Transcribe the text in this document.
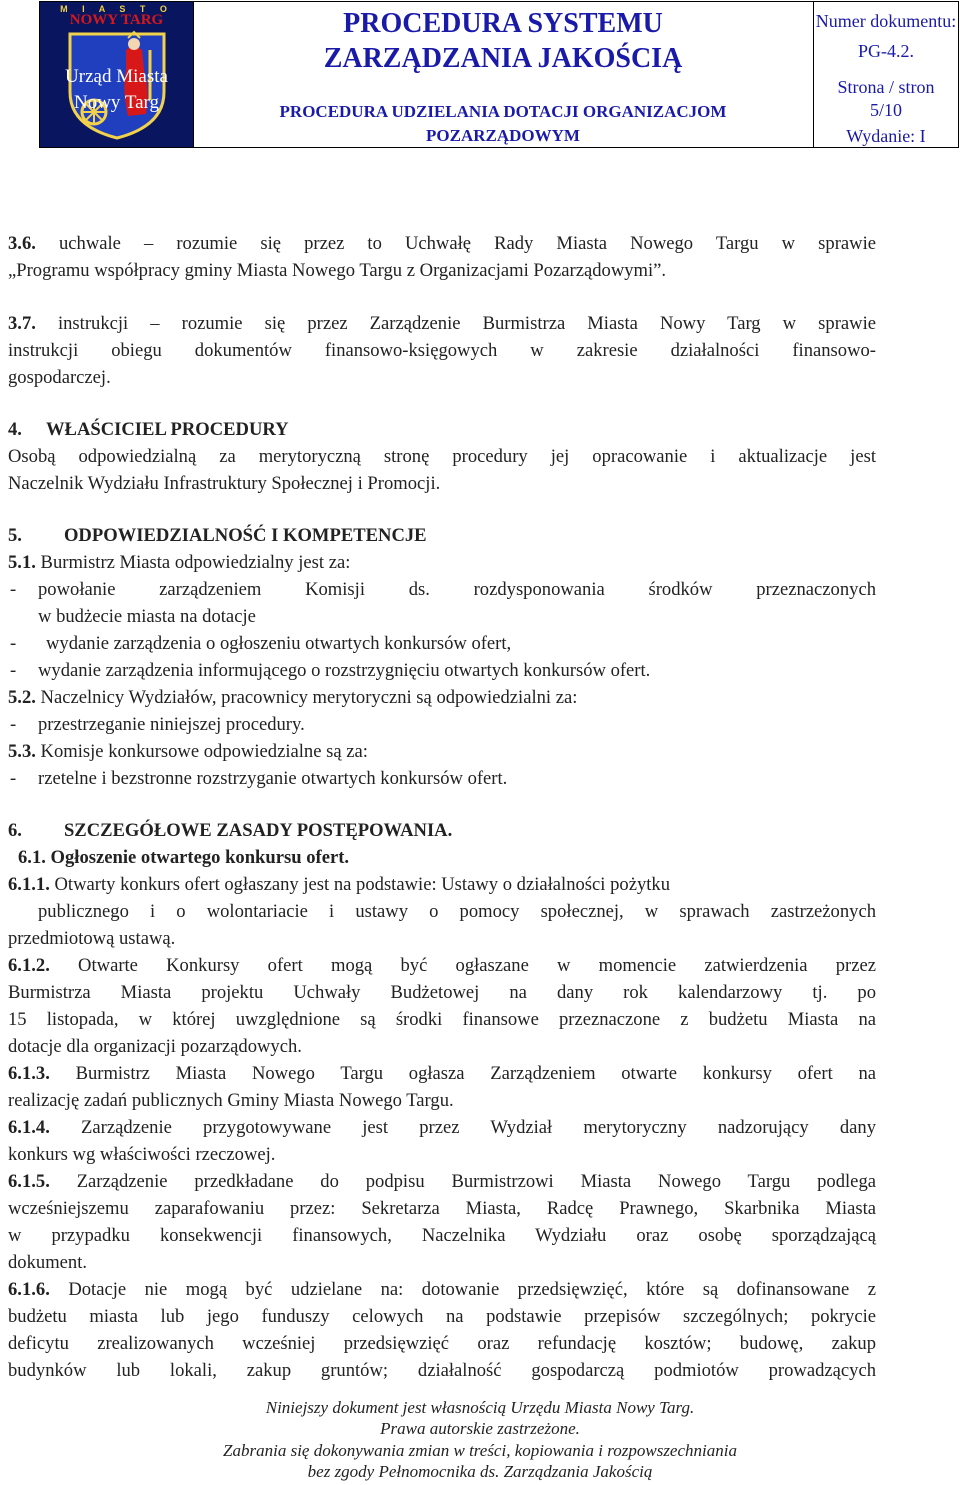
M I A S T O
NOWY TARG
Urząd Miasta
Nowy Targ
PROCEDURA SYSTEMU
ZARZĄDZANIA JAKOŚCIĄ
PROCEDURA UDZIELANIA DOTACJI ORGANIZACJOM
POZARZĄDOWYM
Numer dokumentu:
PG-4.2.
Strona / stron
5/10
Wydanie: I
3.6. uchwale – rozumie się przez to Uchwałę Rady Miasta Nowego Targu w sprawie
„Programu współpracy gminy Miasta Nowego Targu z Organizacjami Pozarządowymi”.
3.7. instrukcji – rozumie się przez Zarządzenie Burmistrza Miasta Nowy Targ w sprawie
instrukcji obiegu dokumentów finansowo-księgowych w zakresie działalności finansowo-
gospodarczej.
4. WŁAŚCICIEL PROCEDURY
Osobą odpowiedzialną za merytoryczną stronę procedury jej opracowanie i aktualizacje jest
Naczelnik Wydziału Infrastruktury Społecznej i Promocji.
5. ODPOWIEDZIALNOŚĆ I KOMPETENCJE
5.1. Burmistrz Miasta odpowiedzialny jest za:
- powołanie zarządzeniem Komisji ds. rozdysponowania środków przeznaczonych
w budżecie miasta na dotacje
- wydanie zarządzenia o ogłoszeniu otwartych konkursów ofert,
- wydanie zarządzenia informującego o rozstrzygnięciu otwartych konkursów ofert.
5.2. Naczelnicy Wydziałów, pracownicy merytoryczni są odpowiedzialni za:
- przestrzeganie niniejszej procedury.
5.3. Komisje konkursowe odpowiedzialne są za:
- rzetelne i bezstronne rozstrzyganie otwartych konkursów ofert.
6. SZCZEGÓŁOWE ZASADY POSTĘPOWANIA.
6.1. Ogłoszenie otwartego konkursu ofert.
6.1.1. Otwarty konkurs ofert ogłaszany jest na podstawie: Ustawy o działalności pożytku
publicznego i o wolontariacie i ustawy o pomocy społecznej, w sprawach zastrzeżonych
przedmiotową ustawą.
6.1.2. Otwarte Konkursy ofert mogą być ogłaszane w momencie zatwierdzenia przez
Burmistrza Miasta projektu Uchwały Budżetowej na dany rok kalendarzowy tj. po
15 listopada, w której uwzględnione są środki finansowe przeznaczone z budżetu Miasta na
dotacje dla organizacji pozarządowych.
6.1.3. Burmistrz Miasta Nowego Targu ogłasza Zarządzeniem otwarte konkursy ofert na
realizację zadań publicznych Gminy Miasta Nowego Targu.
6.1.4. Zarządzenie przygotowywane jest przez Wydział merytoryczny nadzorujący dany
konkurs wg właściwości rzeczowej.
6.1.5. Zarządzenie przedkładane do podpisu Burmistrzowi Miasta Nowego Targu podlega
wcześniejszemu zaparafowaniu przez: Sekretarza Miasta, Radcę Prawnego, Skarbnika Miasta
w przypadku konsekwencji finansowych, Naczelnika Wydziału oraz osobę sporządzającą
dokument.
6.1.6. Dotacje nie mogą być udzielane na: dotowanie przedsięwzięć, które są dofinansowane z
budżetu miasta lub jego funduszy celowych na podstawie przepisów szczególnych; pokrycie
deficytu zrealizowanych wcześniej przedsięwzięć oraz refundację kosztów; budowę, zakup
budynków lub lokali, zakup gruntów; działalność gospodarczą podmiotów prowadzących
Niniejszy dokument jest własnością Urzędu Miasta Nowy Targ.
Prawa autorskie zastrzeżone.
Zabrania się dokonywania zmian w treści, kopiowania i rozpowszechniania
bez zgody Pełnomocnika ds. Zarządzania Jakością
